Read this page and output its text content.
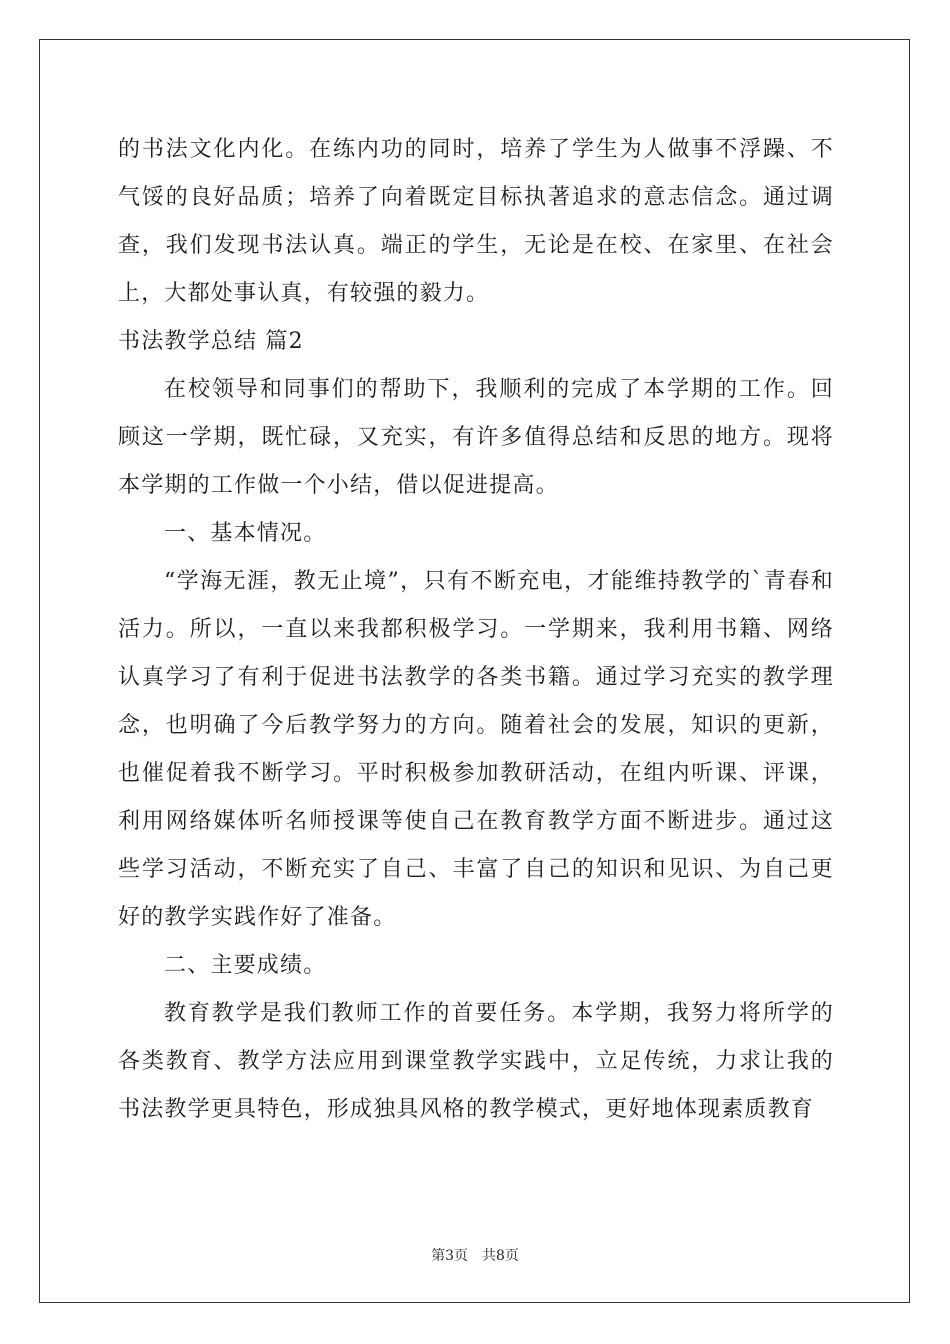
的书法文化内化。在练内功的同时，培养了学生为人做事不浮躁、不气馁的良好品质；培养了向着既定目标执著追求的意志信念。通过调查，我们发现书法认真。端正的学生，无论是在校、在家里、在社会上，大都处事认真，有较强的毅力。

书法教学总结 篇2

在校领导和同事们的帮助下，我顺利的完成了本学期的工作。回顾这一学期，既忙碌，又充实，有许多值得总结和反思的地方。现将本学期的工作做一个小结，借以促进提高。

一、基本情况。

“学海无涯，教无止境”，只有不断充电，才能维持教学的`青春和活力。所以，一直以来我都积极学习。一学期来，我利用书籍、网络认真学习了有利于促进书法教学的各类书籍。通过学习充实的教学理念，也明确了今后教学努力的方向。随着社会的发展，知识的更新，也催促着我不断学习。平时积极参加教研活动，在组内听课、评课，利用网络媒体听名师授课等使自己在教育教学方面不断进步。通过这些学习活动，不断充实了自己、丰富了自己的知识和见识、为自己更好的教学实践作好了准备。

二、主要成绩。

教育教学是我们教师工作的首要任务。本学期，我努力将所学的各类教育、教学方法应用到课堂教学实践中，立足传统，力求让我的书法教学更具特色，形成独具风格的教学模式，更好地体现素质教育

第3页 共8页
